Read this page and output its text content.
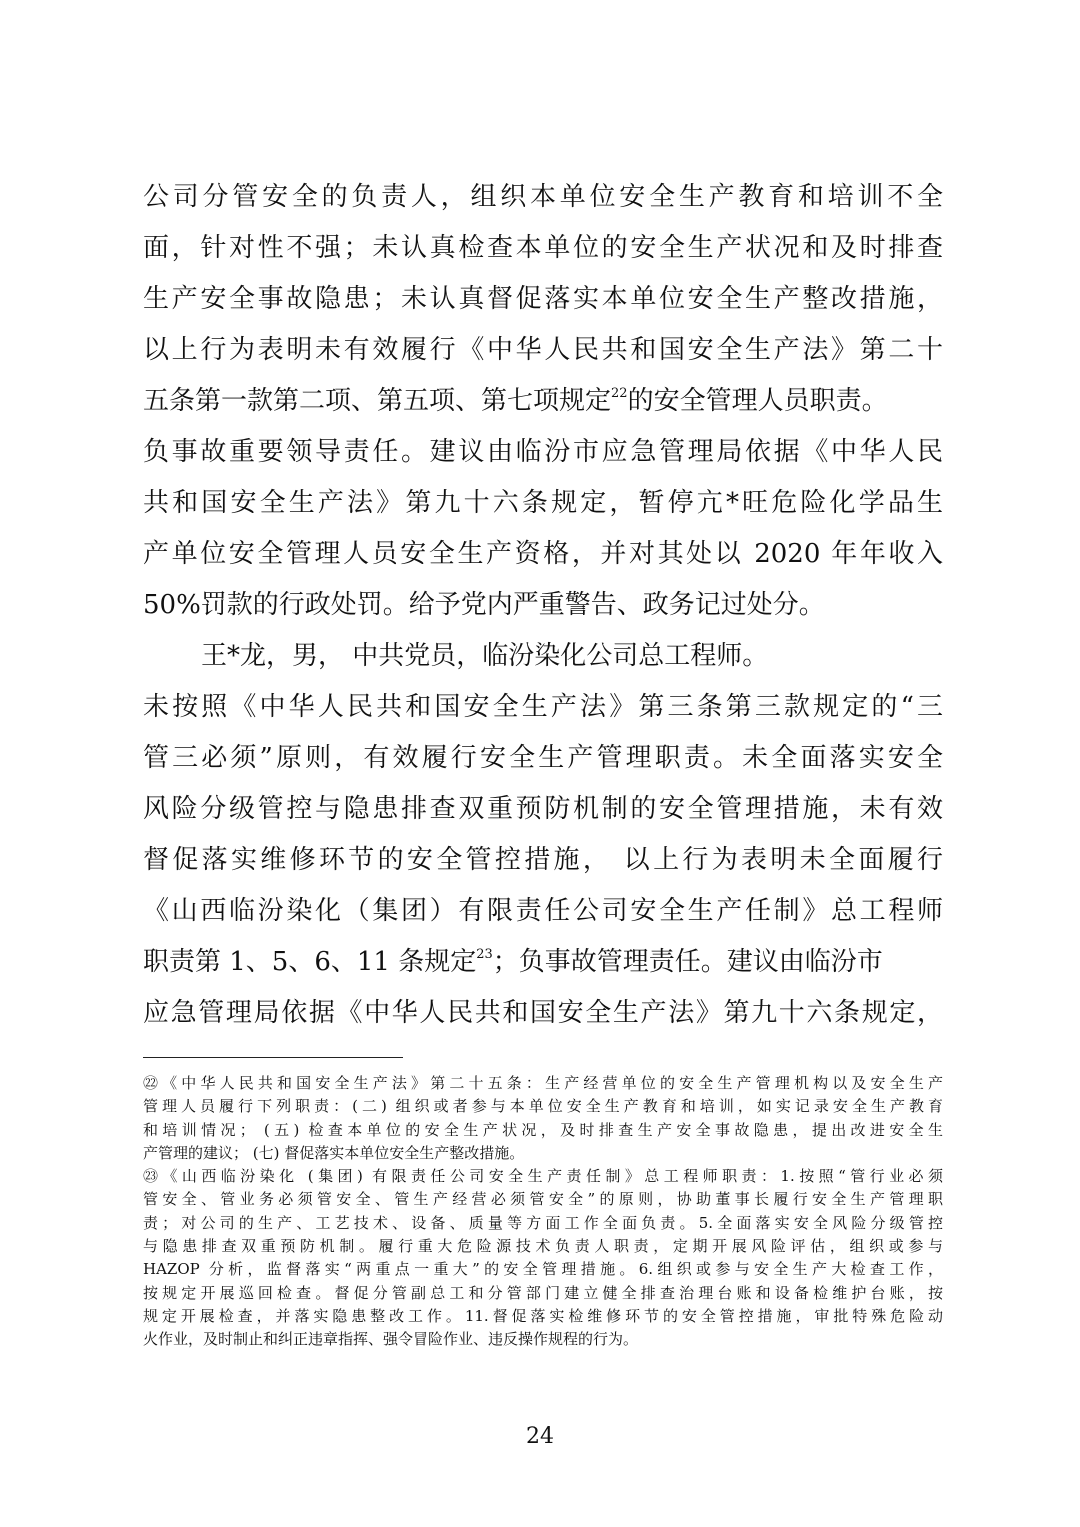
公司分管安全的负责人，组织本单位安全生产教育和培训不全
面，针对性不强；未认真检查本单位的安全生产状况和及时排查
生产安全事故隐患；未认真督促落实本单位安全生产整改措施，
以上行为表明未有效履行《中华人民共和国安全生产法》第二十
五条第一款第二项、第五项、第七项规定$^{22}$的安全管理人员职责。
负事故重要领导责任。建议由临汾市应急管理局依据《中华人民
共和国安全生产法》第九十六条规定，暂停亢*旺危险化学品生
产单位安全管理人员安全生产资格，并对其处以 2020 年年收入
50%罚款的行政处罚。给予党内严重警告、政务记过处分。
王*龙，男， 中共党员，临汾染化公司总工程师。
未按照《中华人民共和国安全生产法》第三条第三款规定的“三
管三必须”原则，有效履行安全生产管理职责。未全面落实安全
风险分级管控与隐患排查双重预防机制的安全管理措施，未有效
督促落实维修环节的安全管控措施， 以上行为表明未全面履行
《山西临汾染化（集团）有限责任公司安全生产任制》总工程师
职责第 1、5、6、11 条规定$^{23}$；负事故管理责任。建议由临汾市
应急管理局依据《中华人民共和国安全生产法》第九十六条规定，
㉒《中华人民共和国安全生产法》第二十五条：生产经营单位的安全生产管理机构以及安全生产
管理人员履行下列职责：(二) 组织或者参与本单位安全生产教育和培训，如实记录安全生产教育
和培训情况； (五) 检查本单位的安全生产状况，及时排查生产安全事故隐患，提出改进安全生
产管理的建议； (七) 督促落实本单位安全生产整改措施。
㉓《山西临汾染化 (集团) 有限责任公司安全生产责任制》总工程师职责：1.按照“管行业必须
管安全、管业务必须管安全、管生产经营必须管安全”的原则，协助董事长履行安全生产管理职
责；对公司的生产、工艺技术、设备、质量等方面工作全面负责。5.全面落实安全风险分级管控
与隐患排查双重预防机制。履行重大危险源技术负责人职责，定期开展风险评估，组织或参与
HAZOP 分析，监督落实“两重点一重大”的安全管理措施。6.组织或参与安全生产大检查工作，
按规定开展巡回检查。督促分管副总工和分管部门建立健全排查治理台账和设备检维护台账，按
规定开展检查，并落实隐患整改工作。11.督促落实检维修环节的安全管控措施，审批特殊危险动
火作业，及时制止和纠正违章指挥、强令冒险作业、违反操作规程的行为。
24
